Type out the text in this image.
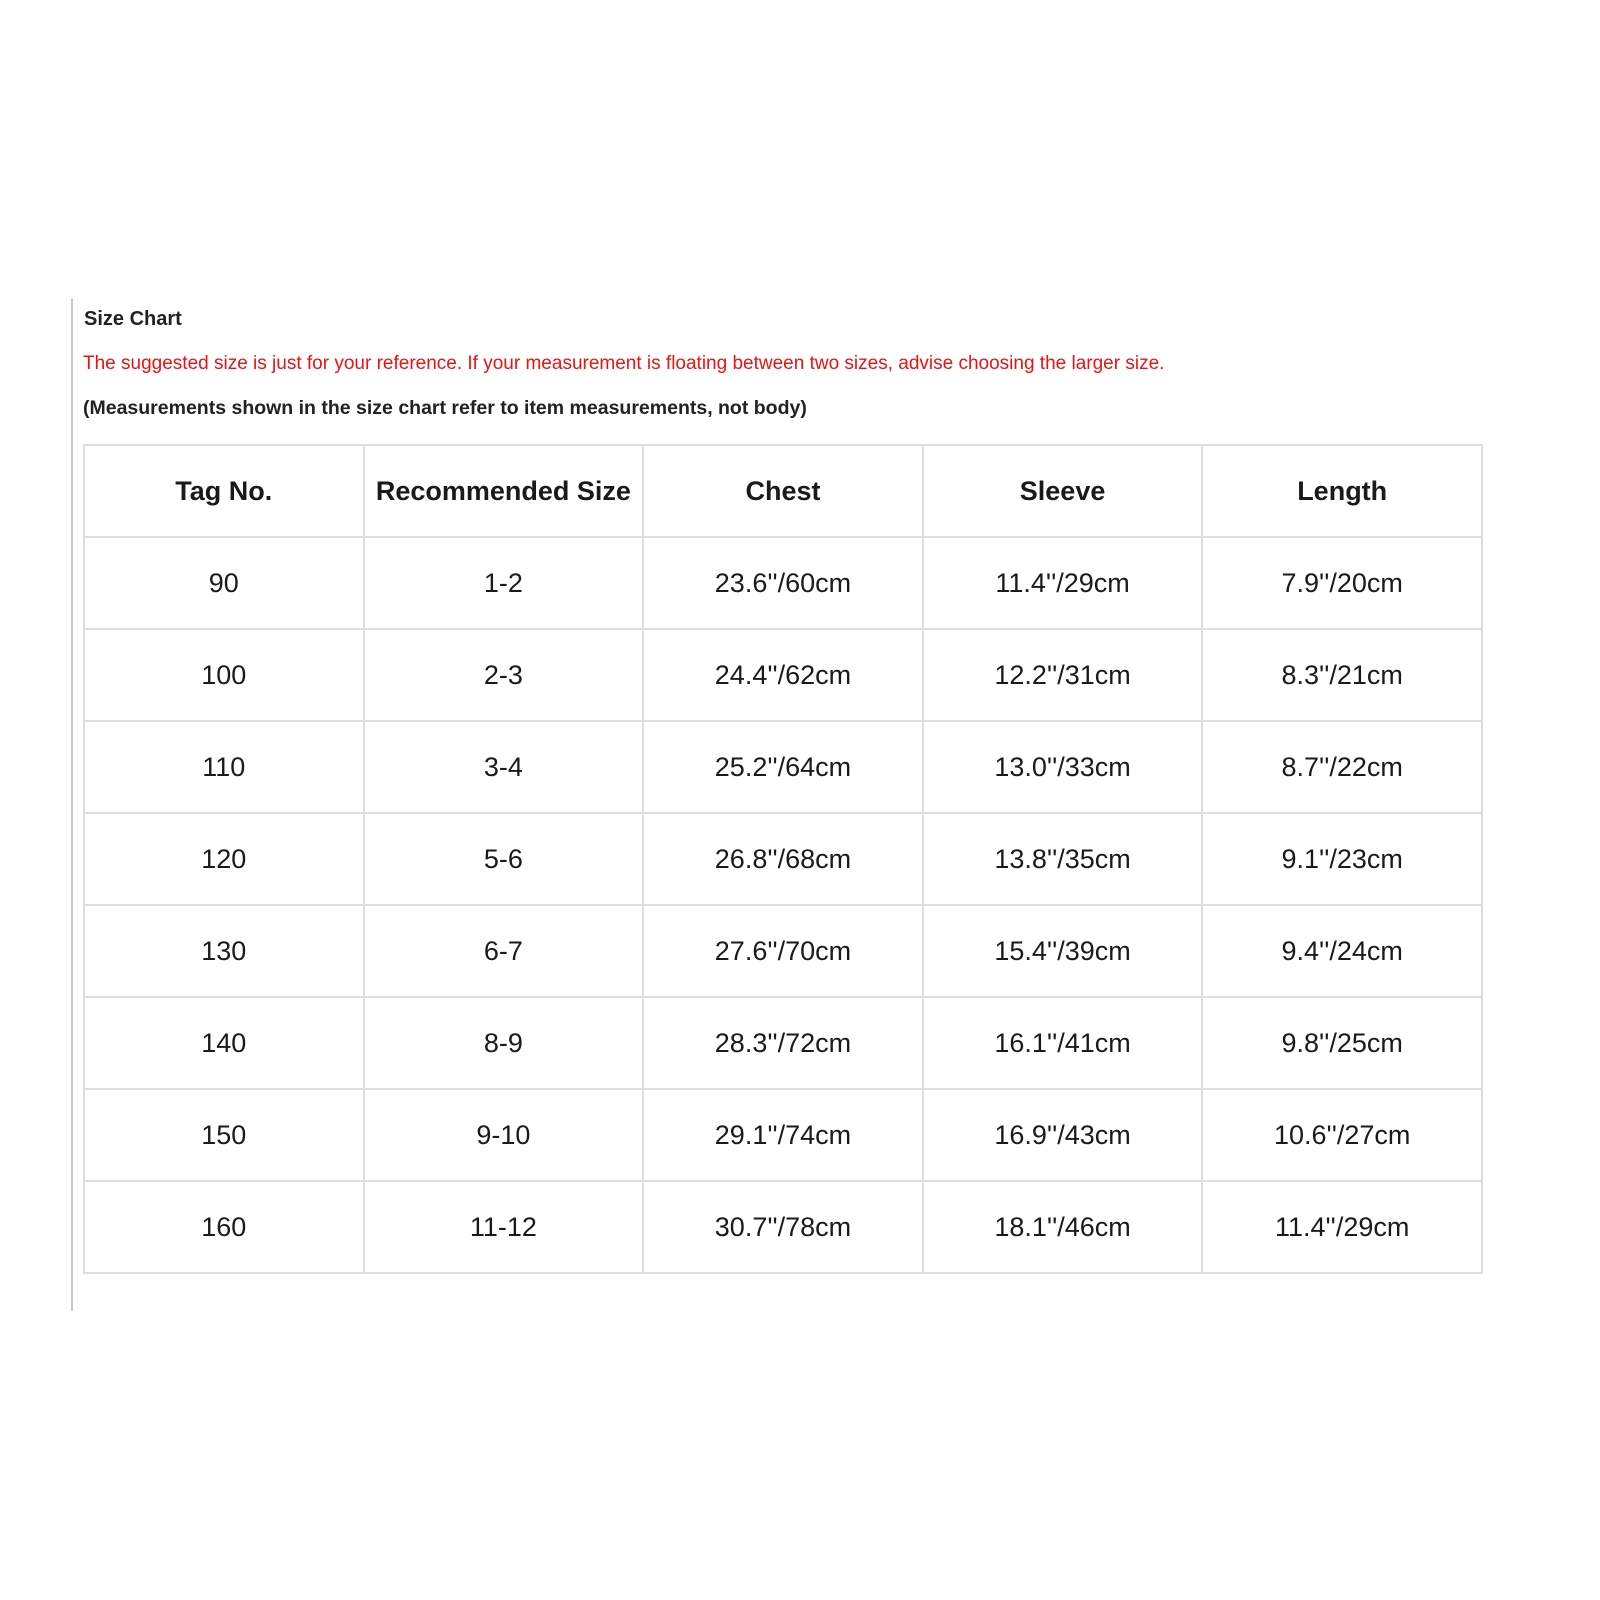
Size Chart
The suggested size is just for your reference. If your measurement is floating between two sizes, advise choosing the larger size.
(Measurements shown in the size chart refer to item measurements, not body)
Tag No.	Recommended Size	Chest	Sleeve	Length
90	1-2	23.6''/60cm	11.4''/29cm	7.9''/20cm
100	2-3	24.4''/62cm	12.2''/31cm	8.3''/21cm
110	3-4	25.2''/64cm	13.0''/33cm	8.7''/22cm
120	5-6	26.8''/68cm	13.8''/35cm	9.1''/23cm
130	6-7	27.6''/70cm	15.4''/39cm	9.4''/24cm
140	8-9	28.3''/72cm	16.1''/41cm	9.8''/25cm
150	9-10	29.1''/74cm	16.9''/43cm	10.6''/27cm
160	11-12	30.7''/78cm	18.1''/46cm	11.4''/29cm
